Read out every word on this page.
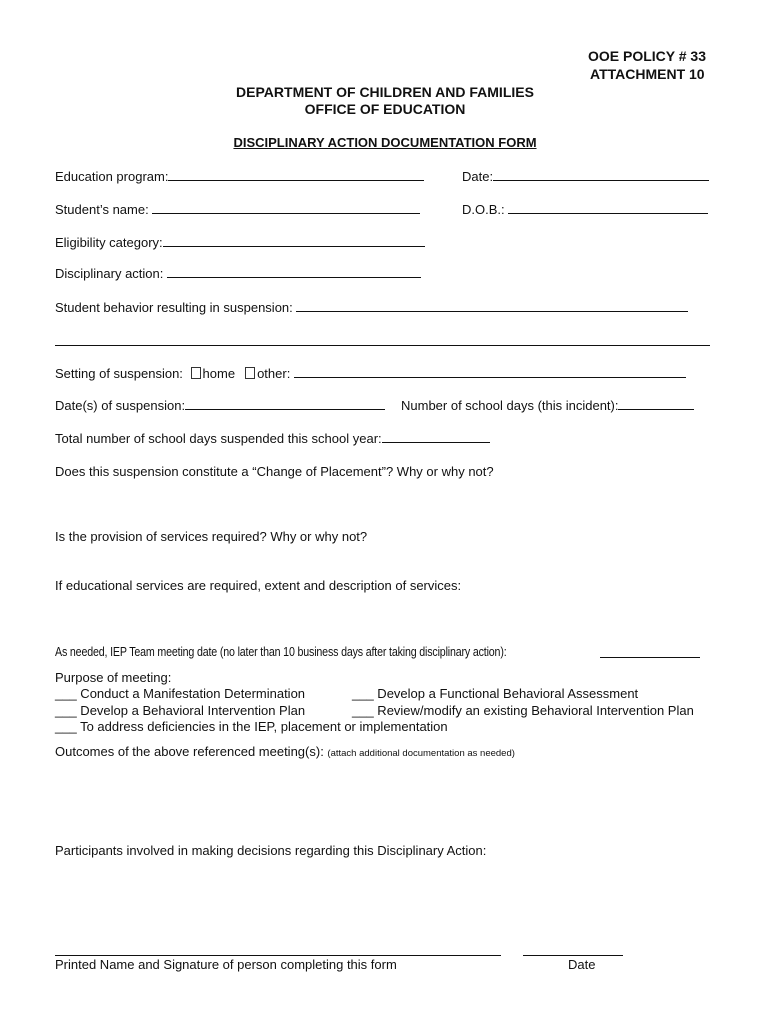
OOE POLICY # 33
ATTACHMENT 10
DEPARTMENT OF CHILDREN AND FAMILIES
OFFICE OF EDUCATION
DISCIPLINARY ACTION DOCUMENTATION FORM
Education program:	Date:
Student’s name:	D.O.B.:
Eligibility category:
Disciplinary action:
Student behavior resulting in suspension:
Setting of suspension: home other:
Date(s) of suspension:	Number of school days (this incident):
Total number of school days suspended this school year:
Does this suspension constitute a “Change of Placement”? Why or why not?
Is the provision of services required? Why or why not?
If educational services are required, extent and description of services:
As needed, IEP Team meeting date (no later than 10 business days after taking disciplinary action):
Purpose of meeting:
___ Conduct a Manifestation Determination	___ Develop a Functional Behavioral Assessment
___ Develop a Behavioral Intervention Plan	___ Review/modify an existing Behavioral Intervention Plan
___ To address deficiencies in the IEP, placement or implementation
Outcomes of the above referenced meeting(s): (attach additional documentation as needed)
Participants involved in making decisions regarding this Disciplinary Action:
Printed Name and Signature of person completing this form	Date
